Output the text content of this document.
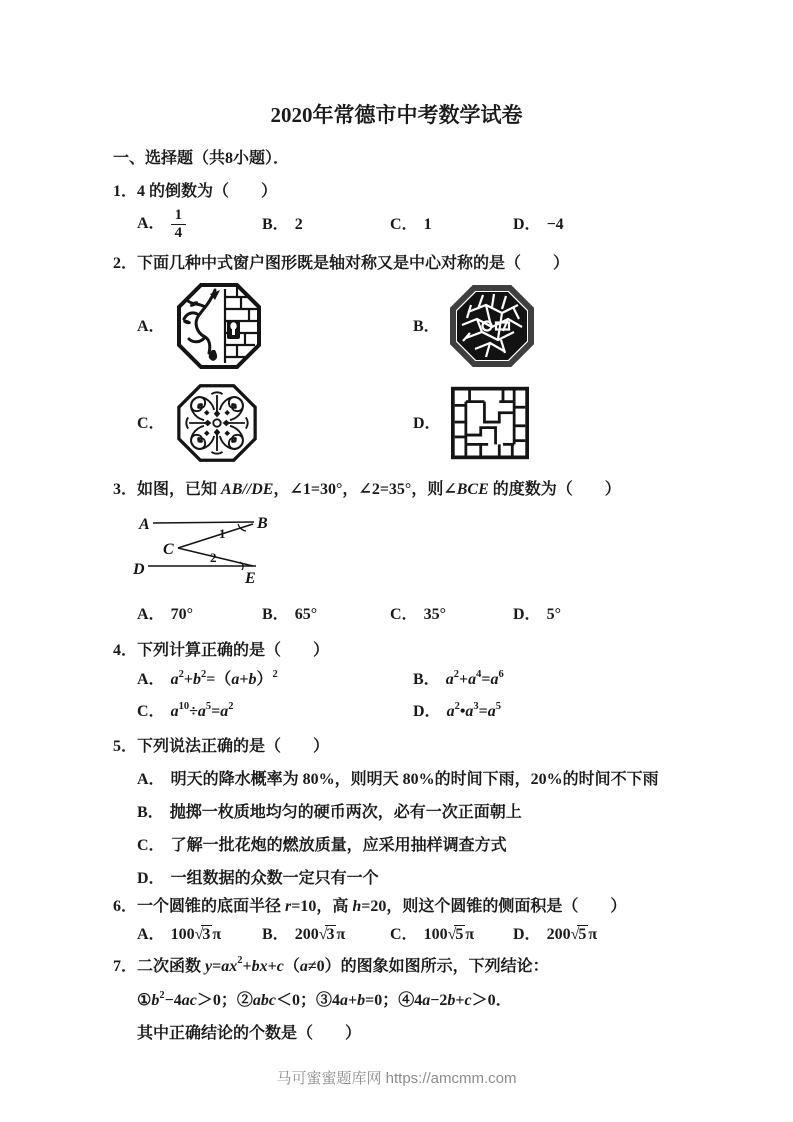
2020年常德市中考数学试卷
一、选择题（共8小题）．
1．4 的倒数为（　　）
A． $\frac{1}{4}$	B． 2	C． 1	D． −4
2．下面几种中式窗户图形既是轴对称又是中心对称的是（　　）
A．	B．
C．	D．
3．如图，已知 AB//DE，∠1=30°，∠2=35°，则∠BCE 的度数为（　　）
A	B
C
D
E
1
2
A． 70°	B． 65°	C． 35°	D． 5°
4．下列计算正确的是（　　）
A． $a^2+b^2=(a+b)^2$	B． $a^2+a^4=a^6$
C． $a^{10}\div a^5=a^2$	D． $a^2•a^3=a^5$
5．下列说法正确的是（　　）
A． 明天的降水概率为 80%，则明天 80%的时间下雨，20%的时间不下雨
B． 抛掷一枚质地均匀的硬币两次，必有一次正面朝上
C． 了解一批花炮的燃放质量，应采用抽样调查方式
D． 一组数据的众数一定只有一个
6．一个圆锥的底面半径 r=10，高 h=20，则这个圆锥的侧面积是（　　）
A． 100√3 π	B． 200√3 π	C． 100√5 π	D． 200√5 π
7．二次函数 $y=ax^2+bx+c(a\ne 0)$的图象如图所示，下列结论：
$①b^2-4ac>0$；②abc＜0；③4a+b=0；④4a−2b+c＞0．
其中正确结论的个数是（　　）
马可蜜蜜题库网 https://amcmm.com
